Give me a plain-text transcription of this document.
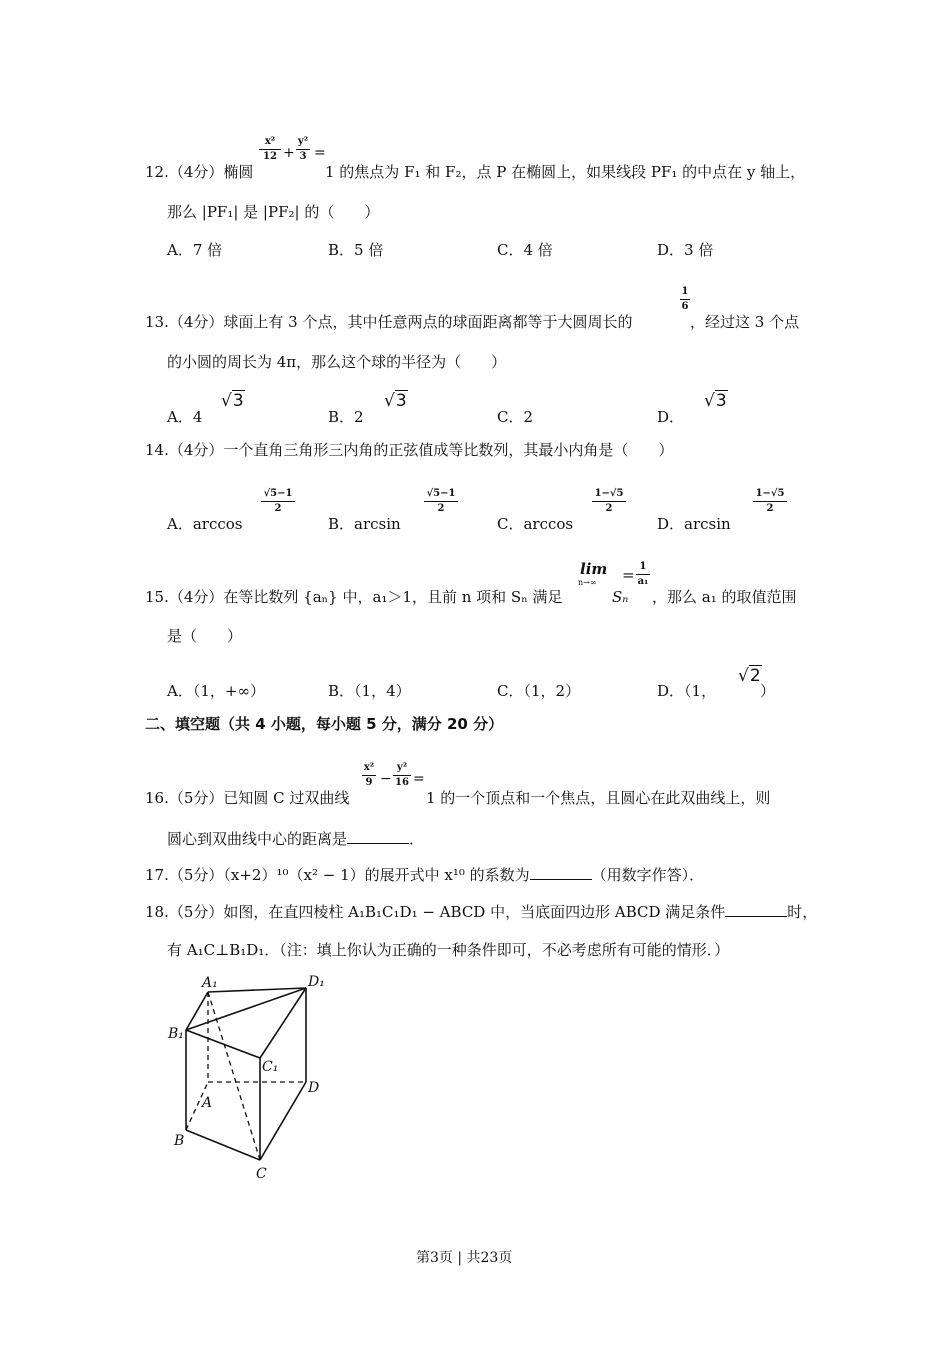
x²
12 +
y²
3 =
12.（4分）椭圆	1 的焦点为 F₁ 和 F₂，点 P 在椭圆上，如果线段 PF₁ 的中点在 y 轴上，
那么 |PF₁| 是 |PF₂| 的（　　）
A．7 倍	B．5 倍	C．4 倍	D．3 倍
1
6
13.（4分）球面上有 3 个点，其中任意两点的球面距离都等于大圆周长的	，经过这 3 个点
的小圆的周长为 4π，那么这个球的半径为（　　）
A．4
√3
B．2
√3
C．2	D．
√3
14.（4分）一个直角三角形三内角的正弦值成等比数列，其最小内角是（　　）
A．arccos
√5−1
2
B．arcsin
√5−1
2
C．arccos
1−√5
2
D．arcsin
1−√5
2
lim
n→∞
Sₙ
= 1
a₁
15.（4分）在等比数列 {aₙ} 中，a₁＞1，且前 n 项和 Sₙ 满足	，那么 a₁ 的取值范围
是（　　）
A．（1，+∞）	B．（1，4）	C．（1，2）	D．（1，
√2
）
二、填空题（共 4 小题，每小题 5 分，满分 20 分）
x²
9 −
y²
16 =
16.（5分）已知圆 C 过双曲线	1 的一个顶点和一个焦点，且圆心在此双曲线上，则
圆心到双曲线中心的距离是	．
17.（5分）（x+2）¹⁰（x² − 1）的展开式中 x¹⁰ 的系数为	（用数字作答）．
18.（5分）如图，在直四棱柱 A₁B₁C₁D₁ − ABCD 中，当底面四边形 ABCD 满足条件	时，
有 A₁C⊥B₁D₁．（注：填上你认为正确的一种条件即可，不必考虑所有可能的情形．）
A₁	D₁
B₁
C₁
A
B
C
D
第3页 | 共23页
